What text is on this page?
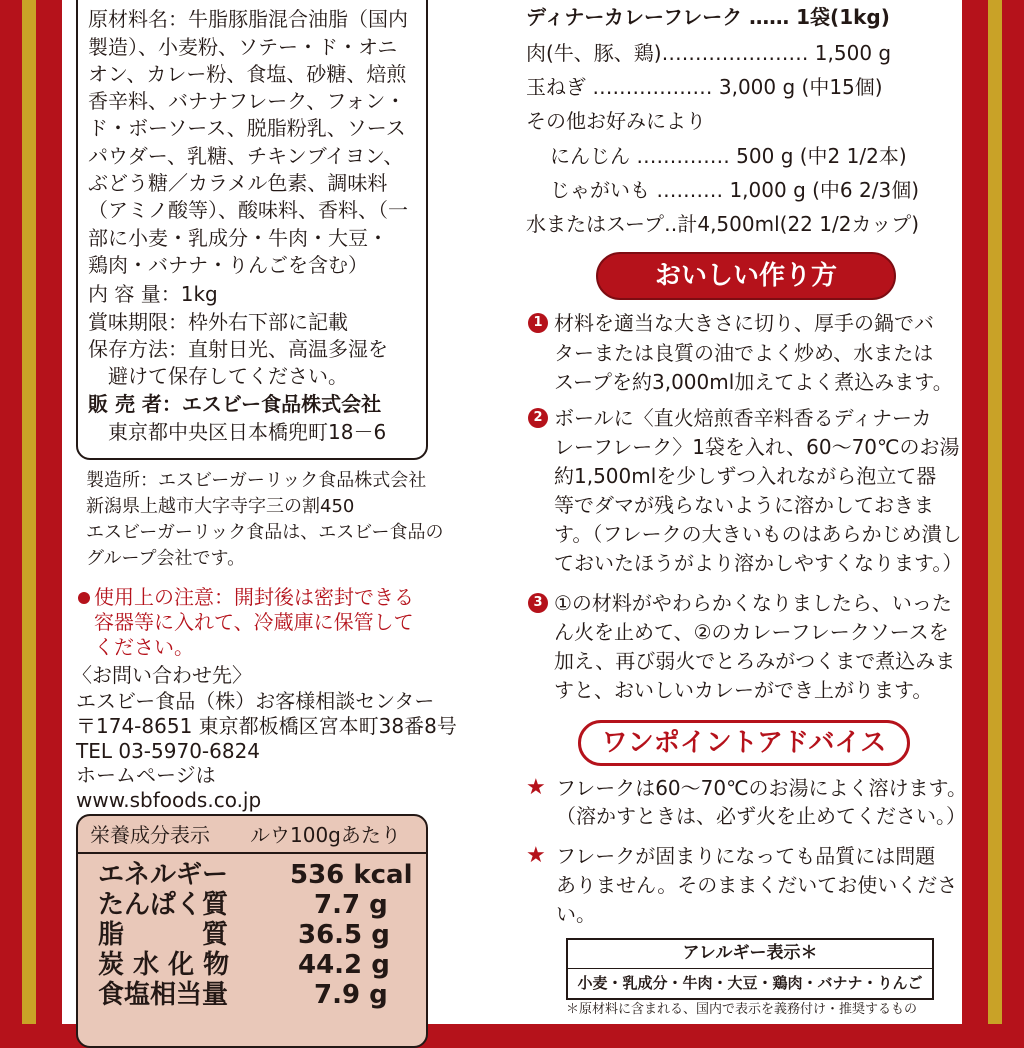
原材料名：牛脂豚脂混合油脂（国内
製造）、小麦粉、ソテー・ド・オニ
オン、カレー粉、食塩、砂糖、焙煎
香辛料、バナナフレーク、フォン・
ド・ボーソース、脱脂粉乳、ソース
パウダー、乳糖、チキンブイヨン、
ぶどう糖／カラメル色素、調味料
（アミノ酸等）、酸味料、香料、（一
部に小麦・乳成分・牛肉・大豆・
鶏肉・バナナ・りんごを含む）
内 容 量：1kg
賞味期限：枠外右下部に記載
保存方法：直射日光、高温多湿を
　避けて保存してください。
販 売 者：エスビー食品株式会社
　東京都中央区日本橋兜町18－6
製造所：エスビーガーリック食品株式会社
新潟県上越市大字寺字三の割450
エスビーガーリック食品は、エスビー食品の
グループ会社です。
使用上の注意：開封後は密封できる
容器等に入れて、冷蔵庫に保管して
ください。
〈お問い合わせ先〉
エスビー食品（株）お客様相談センター
〒174-8651 東京都板橋区宮本町38番8号
TEL 03-5970-6824
ホームページは
www.sbfoods.co.jp
栄養成分表示 ルウ100gあたり
エネルギー 536 kcal
たんぱく質	7.7 g
脂　　　質	36.5 g
炭 水 化 物	44.2 g
食塩相当量	7.9 g
ディナーカレーフレーク ‥‥‥ 1袋(1kg)
肉(牛、豚、鶏)‥‥‥‥‥‥‥‥‥‥‥ 1,500 g
玉ねぎ ‥‥‥‥‥‥‥‥‥ 3,000 g (中15個)
その他お好みにより
にんじん ‥‥‥‥‥‥‥ 500 g (中2 1/2本)
じゃがいも ‥‥‥‥‥ 1,000 g (中6 2/3個)
水またはスープ‥計4,500ml(22 1/2カップ)
おいしい作り方
1 材料を適当な大きさに切り、厚手の鍋でバ
ターまたは良質の油でよく炒め、水または
スープを約3,000ml加えてよく煮込みます。
2 ボールに〈直火焙煎香辛料香るディナーカ
レーフレーク〉1袋を入れ、60～70℃のお湯
約1,500mlを少しずつ入れながら泡立て器
等でダマが残らないように溶かしておきま
す。（フレークの大きいものはあらかじめ潰し
ておいたほうがより溶かしやすくなります。）
3 ①の材料がやわらかくなりましたら、いった
ん火を止めて、②のカレーフレークソースを
加え、再び弱火でとろみがつくまで煮込みま
すと、おいしいカレーができ上がります。
ワンポイントアドバイス
★ フレークは60～70℃のお湯によく溶けます。
（溶かすときは、必ず火を止めてください。）
★ フレークが固まりになっても品質には問題
ありません。そのままくだいてお使いくださ
い。
アレルギー表示＊
小麦・乳成分・牛肉・大豆・鶏肉・バナナ・りんご
＊原材料に含まれる、国内で表示を義務付け・推奨するもの
